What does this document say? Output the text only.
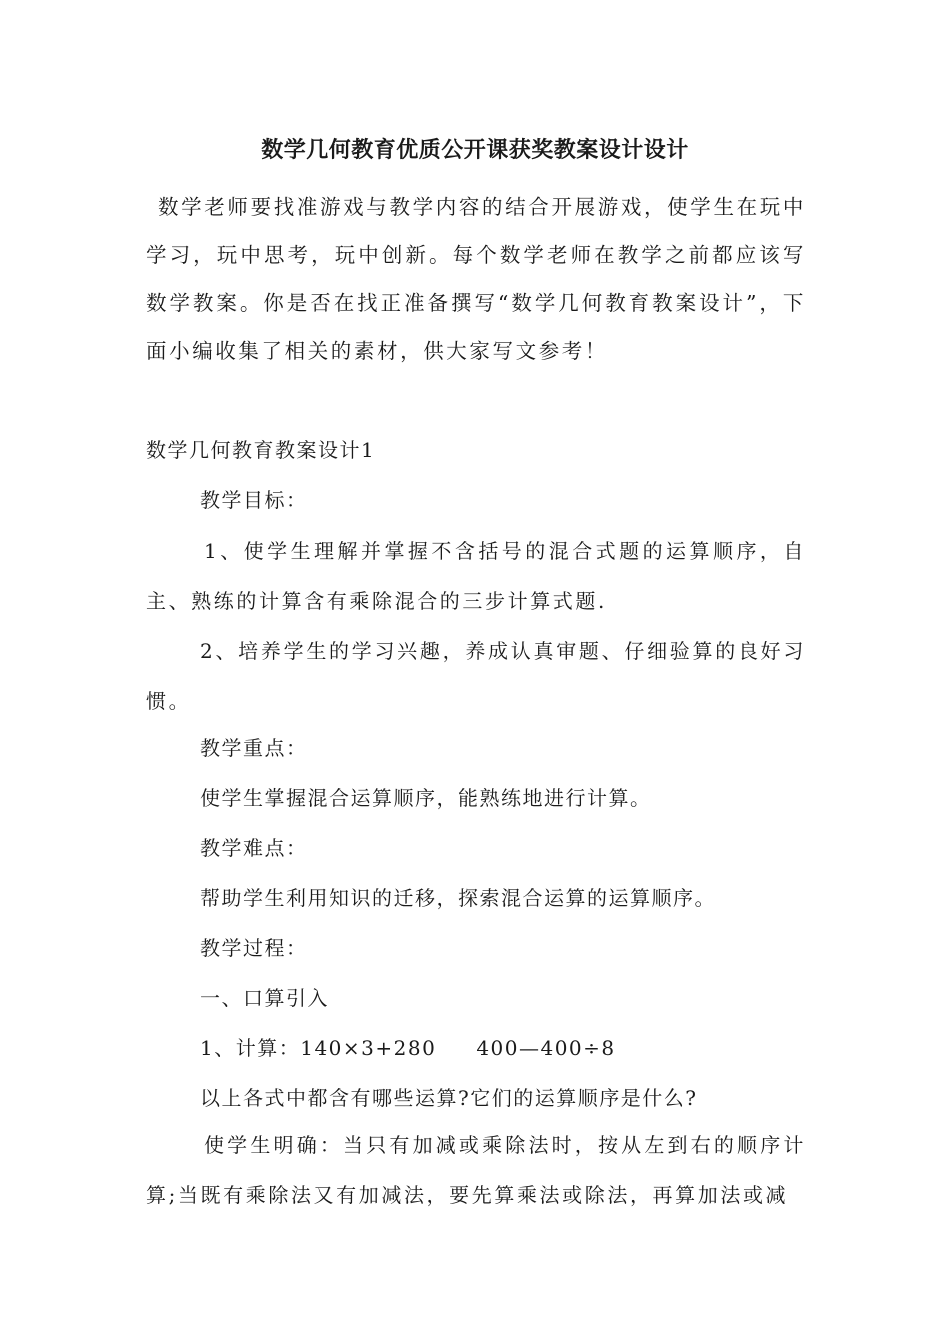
数学几何教育优质公开课获奖教案设计设计

数学老师要找准游戏与教学内容的结合开展游戏，使学生在玩中学习，玩中思考，玩中创新。每个数学老师在教学之前都应该写数学教案。你是否在找正准备撰写“数学几何教育教案设计”，下面小编收集了相关的素材，供大家写文参考！

数学几何教育教案设计1

教学目标：

1、使学生理解并掌握不含括号的混合式题的运算顺序，自主、熟练的计算含有乘除混合的三步计算式题.

2、培养学生的学习兴趣，养成认真审题、仔细验算的良好习惯。

教学重点：

使学生掌握混合运算顺序，能熟练地进行计算。

教学难点：

帮助学生利用知识的迁移，探索混合运算的运算顺序。

教学过程：

一、口算引入

1、计算：140×3+280 400—400÷8

以上各式中都含有哪些运算?它们的运算顺序是什么?

使学生明确：当只有加减或乘除法时，按从左到右的顺序计算;当既有乘除法又有加减法，要先算乘法或除法，再算加法或减
